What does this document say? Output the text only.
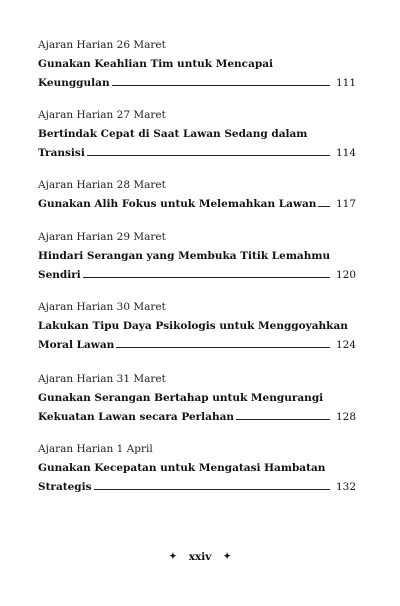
Ajaran Harian 26 Maret
Gunakan Keahlian Tim untuk Mencapai
Keunggulan	111
Ajaran Harian 27 Maret
Bertindak Cepat di Saat Lawan Sedang dalam
Transisi	114
Ajaran Harian 28 Maret
Gunakan Alih Fokus untuk Melemahkan Lawan 117
Ajaran Harian 29 Maret
Hindari Serangan yang Membuka Titik Lemahmu
Sendiri	120
Ajaran Harian 30 Maret
Lakukan Tipu Daya Psikologis untuk Menggoyahkan
Moral Lawan	124
Ajaran Harian 31 Maret
Gunakan Serangan Bertahap untuk Mengurangi
Kekuatan Lawan secara Perlahan	128
Ajaran Harian 1 April
Gunakan Kecepatan untuk Mengatasi Hambatan
Strategis	132
✦ xxiv ✦
